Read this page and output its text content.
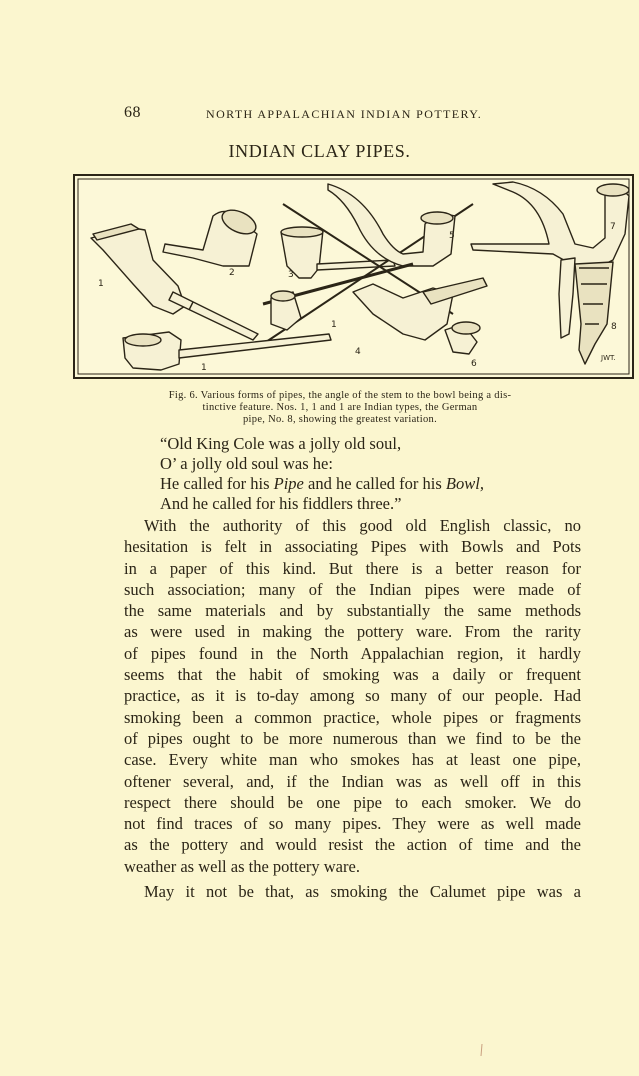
68	NORTH APPALACHIAN INDIAN POTTERY.
INDIAN CLAY PIPES.
1
2	3
5
7
1
4
6
8
1
JWT.
Fig. 6. Various forms of pipes, the angle of the stem to the bowl being a dis-
tinctive feature. Nos. 1, 1 and 1 are Indian types, the German
pipe, No. 8, showing the greatest variation.
“Old King Cole was a jolly old soul,
O’ a jolly old soul was he:
He called for his Pipe and he called for his Bowl,
And he called for his fiddlers three.”
With the authority of this good old English classic, no
hesitation is felt in associating Pipes with Bowls and Pots
in a paper of this kind. But there is a better reason for
such association; many of the Indian pipes were made of
the same materials and by substantially the same methods
as were used in making the pottery ware. From the rarity
of pipes found in the North Appalachian region, it hardly
seems that the habit of smoking was a daily or frequent
practice, as it is to-day among so many of our people. Had
smoking been a common practice, whole pipes or fragments
of pipes ought to be more numerous than we find to be the
case. Every white man who smokes has at least one pipe,
oftener several, and, if the Indian was as well off in this
respect there should be one pipe to each smoker. We do
not find traces of so many pipes. They were as well made
as the pottery and would resist the action of time and the
weather as well as the pottery ware.
May it not be that, as smoking the Calumet pipe was a
